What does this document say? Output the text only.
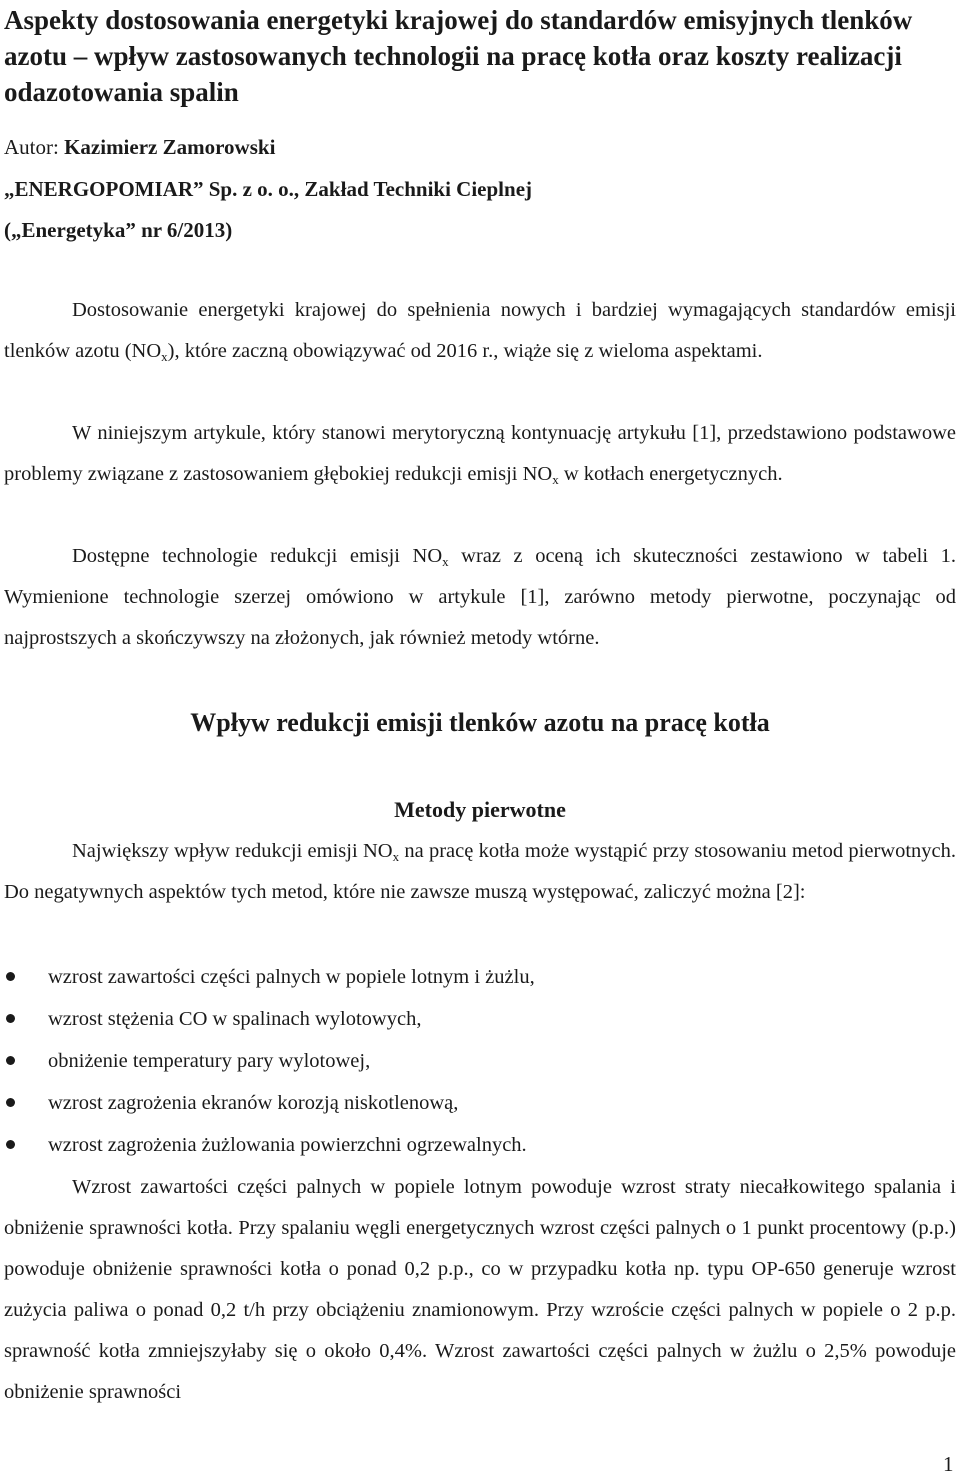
Aspekty dostosowania energetyki krajowej do standardów emisyjnych tlenków azotu – wpływ zastosowanych technologii na pracę kotła oraz koszty realizacji odazotowania spalin
Autor: Kazimierz Zamorowski
„ENERGOPOMIAR” Sp. z o. o., Zakład Techniki Cieplnej
(„Energetyka” nr 6/2013)

Dostosowanie energetyki krajowej do spełnienia nowych i bardziej wymagających standardów emisji tlenków azotu $(NO_x)$, które zaczną obowiązywać od 2016 r., wiąże się z wieloma aspektami.

W niniejszym artykule, który stanowi merytoryczną kontynuację artykułu [1], przedstawiono podstawowe problemy związane z zastosowaniem głębokiej redukcji emisji $NO_x$ w kotłach energetycznych.

Dostępne technologie redukcji emisji $NO_x$ wraz z oceną ich skuteczności zestawiono w tabeli 1. Wymienione technologie szerzej omówiono w artykule [1], zarówno metody pierwotne, poczynając od najprostszych a skończywszy na złożonych, jak również metody wtórne.

Wpływ redukcji emisji tlenków azotu na pracę kotła
Metody pierwotne

Największy wpływ redukcji emisji $NO_x$ na pracę kotła może wystąpić przy stosowaniu metod pierwotnych. Do negatywnych aspektów tych metod, które nie zawsze muszą występować, zaliczyć można [2]:

wzrost zawartości części palnych w popiele lotnym i żużlu,
wzrost stężenia CO w spalinach wylotowych,
obniżenie temperatury pary wylotowej,
wzrost zagrożenia ekranów korozją niskotlenową,
wzrost zagrożenia żużlowania powierzchni ogrzewalnych.

Wzrost zawartości części palnych w popiele lotnym powoduje wzrost straty niecałkowitego spalania i obniżenie sprawności kotła. Przy spalaniu węgli energetycznych wzrost części palnych o 1 punkt procentowy (p.p.) powoduje obniżenie sprawności kotła o ponad 0,2 p.p., co w przypadku kotła np. typu OP-650 generuje wzrost zużycia paliwa o ponad 0,2 t/h przy obciążeniu znamionowym. Przy wzroście części palnych w popiele o 2 p.p. sprawność kotła zmniejszyłaby się o około 0,4%. Wzrost zawartości części palnych w żużlu o 2,5% powoduje obniżenie sprawności

1
